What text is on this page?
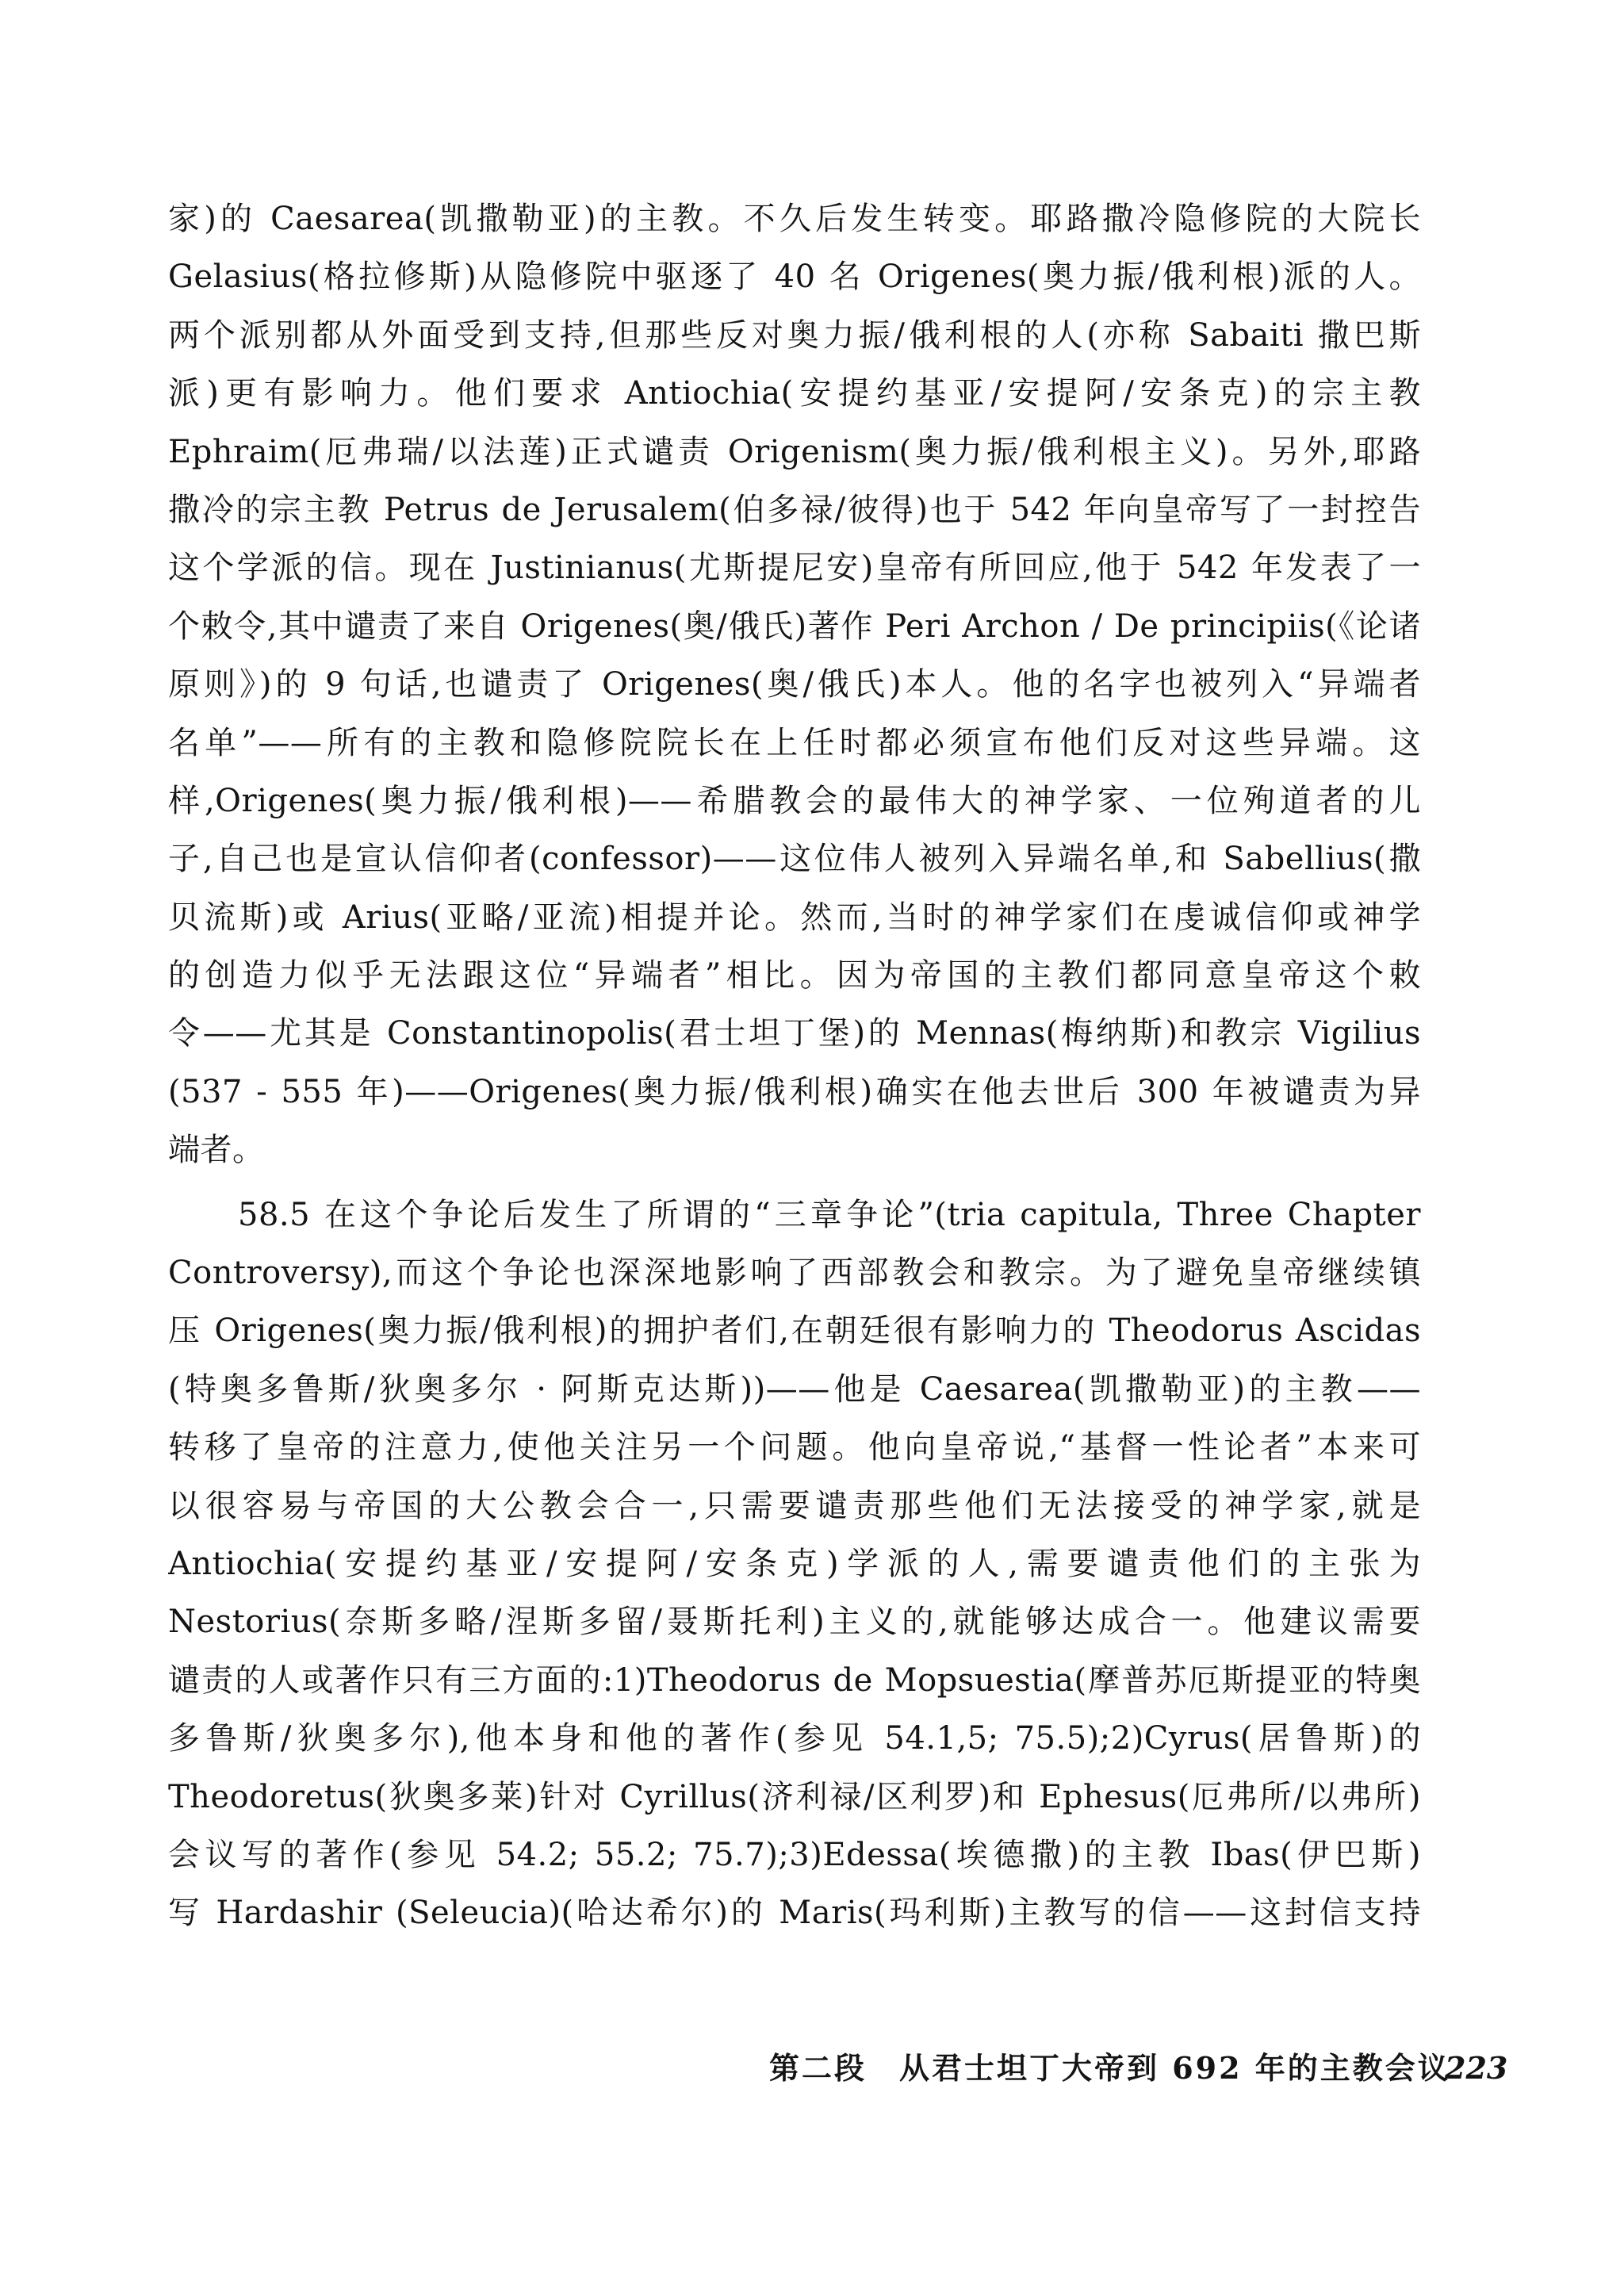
家)的 Caesarea(凯撒勒亚)的主教。不久后发生转变。耶路撒冷隐修院的大院长
Gelasius(格拉修斯)从隐修院中驱逐了 40 名 Origenes(奥力振/俄利根)派的人。
两个派别都从外面受到支持,但那些反对奥力振/俄利根的人(亦称 Sabaiti 撒巴斯
派)更有影响力。他们要求 Antiochia(安提约基亚/安提阿/安条克)的宗主教
Ephraim(厄弗瑞/以法莲)正式谴责 Origenism(奥力振/俄利根主义)。另外,耶路
撒冷的宗主教 Petrus de Jerusalem(伯多禄/彼得)也于 542 年向皇帝写了一封控告
这个学派的信。现在 Justinianus(尤斯提尼安)皇帝有所回应,他于 542 年发表了一
个敕令,其中谴责了来自 Origenes(奥/俄氏)著作 Peri Archon / De principiis(《论诸
原则》)的 9 句话,也谴责了 Origenes(奥/俄氏)本人。他的名字也被列入“异端者
名单”——所有的主教和隐修院院长在上任时都必须宣布他们反对这些异端。这
样,Origenes(奥力振/俄利根)——希腊教会的最伟大的神学家、一位殉道者的儿
子,自己也是宣认信仰者(confessor)——这位伟人被列入异端名单,和 Sabellius(撒
贝流斯)或 Arius(亚略/亚流)相提并论。然而,当时的神学家们在虔诚信仰或神学
的创造力似乎无法跟这位“异端者”相比。因为帝国的主教们都同意皇帝这个敕
令——尤其是 Constantinopolis(君士坦丁堡)的 Mennas(梅纳斯)和教宗 Vigilius
(537 - 555 年)——Origenes(奥力振/俄利根)确实在他去世后 300 年被谴责为异
端者。
58.5 在这个争论后发生了所谓的“三章争论”(tria capitula, Three Chapter
Controversy),而这个争论也深深地影响了西部教会和教宗。为了避免皇帝继续镇
压 Origenes(奥力振/俄利根)的拥护者们,在朝廷很有影响力的 Theodorus Ascidas
(特奥多鲁斯/狄奥多尔 · 阿斯克达斯))——他是 Caesarea(凯撒勒亚)的主教——
转移了皇帝的注意力,使他关注另一个问题。他向皇帝说,“基督一性论者”本来可
以很容易与帝国的大公教会合一,只需要谴责那些他们无法接受的神学家,就是
Antiochia(安提约基亚/安提阿/安条克)学派的人,需要谴责他们的主张为
Nestorius(奈斯多略/涅斯多留/聂斯托利)主义的,就能够达成合一。他建议需要
谴责的人或著作只有三方面的:1)Theodorus de Mopsuestia(摩普苏厄斯提亚的特奥
多鲁斯/狄奥多尔),他本身和他的著作(参见 54.1,5; 75.5);2)Cyrus(居鲁斯)的
Theodoretus(狄奥多莱)针对 Cyrillus(济利禄/区利罗)和 Ephesus(厄弗所/以弗所)
会议写的著作(参见 54.2; 55.2; 75.7);3)Edessa(埃德撒)的主教 Ibas(伊巴斯)
写 Hardashir (Seleucia)(哈达希尔)的 Maris(玛利斯)主教写的信——这封信支持
第二段　从君士坦丁大帝到 692 年的主教会议
223
